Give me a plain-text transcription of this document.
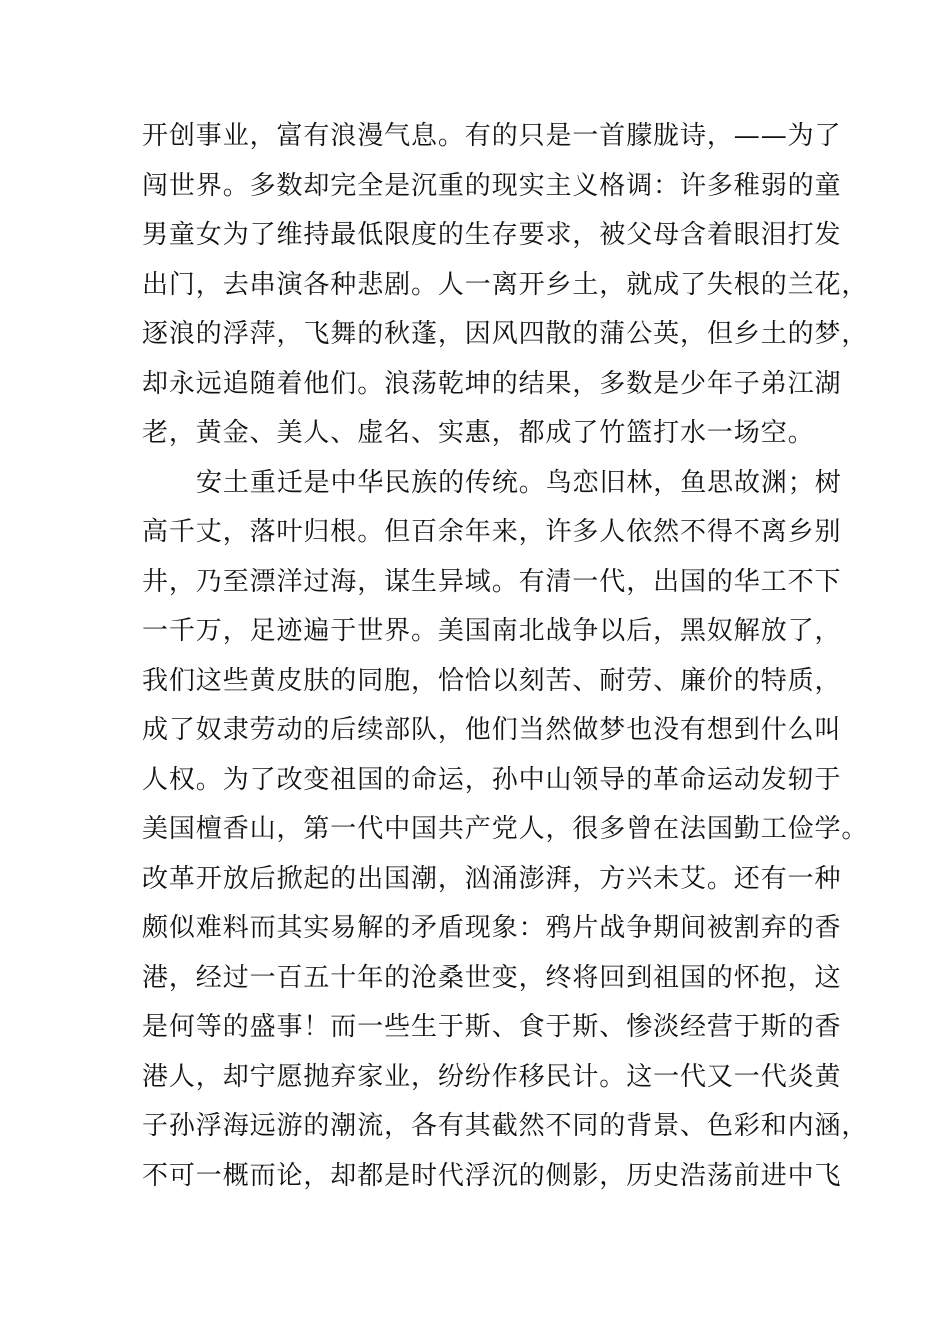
开创事业，富有浪漫气息。有的只是一首朦胧诗，——为了
闯世界。多数却完全是沉重的现实主义格调：许多稚弱的童
男童女为了维持最低限度的生存要求，被父母含着眼泪打发
出门，去串演各种悲剧。人一离开乡土，就成了失根的兰花，
逐浪的浮萍，飞舞的秋蓬，因风四散的蒲公英，但乡土的梦，
却永远追随着他们。浪荡乾坤的结果，多数是少年子弟江湖
老，黄金、美人、虚名、实惠，都成了竹篮打水一场空。
安土重迁是中华民族的传统。鸟恋旧林，鱼思故渊；树
高千丈，落叶归根。但百余年来，许多人依然不得不离乡别
井，乃至漂洋过海，谋生异域。有清一代，出国的华工不下
一千万，足迹遍于世界。美国南北战争以后，黑奴解放了，
我们这些黄皮肤的同胞，恰恰以刻苦、耐劳、廉价的特质，
成了奴隶劳动的后续部队，他们当然做梦也没有想到什么叫
人权。为了改变祖国的命运，孙中山领导的革命运动发轫于
美国檀香山，第一代中国共产党人，很多曾在法国勤工俭学。
改革开放后掀起的出国潮，汹涌澎湃，方兴未艾。还有一种
颇似难料而其实易解的矛盾现象：鸦片战争期间被割弃的香
港，经过一百五十年的沧桑世变，终将回到祖国的怀抱，这
是何等的盛事！而一些生于斯、食于斯、惨淡经营于斯的香
港人，却宁愿抛弃家业，纷纷作移民计。这一代又一代炎黄
子孙浮海远游的潮流，各有其截然不同的背景、色彩和内涵，
不可一概而论，却都是时代浮沉的侧影，历史浩荡前进中飞
